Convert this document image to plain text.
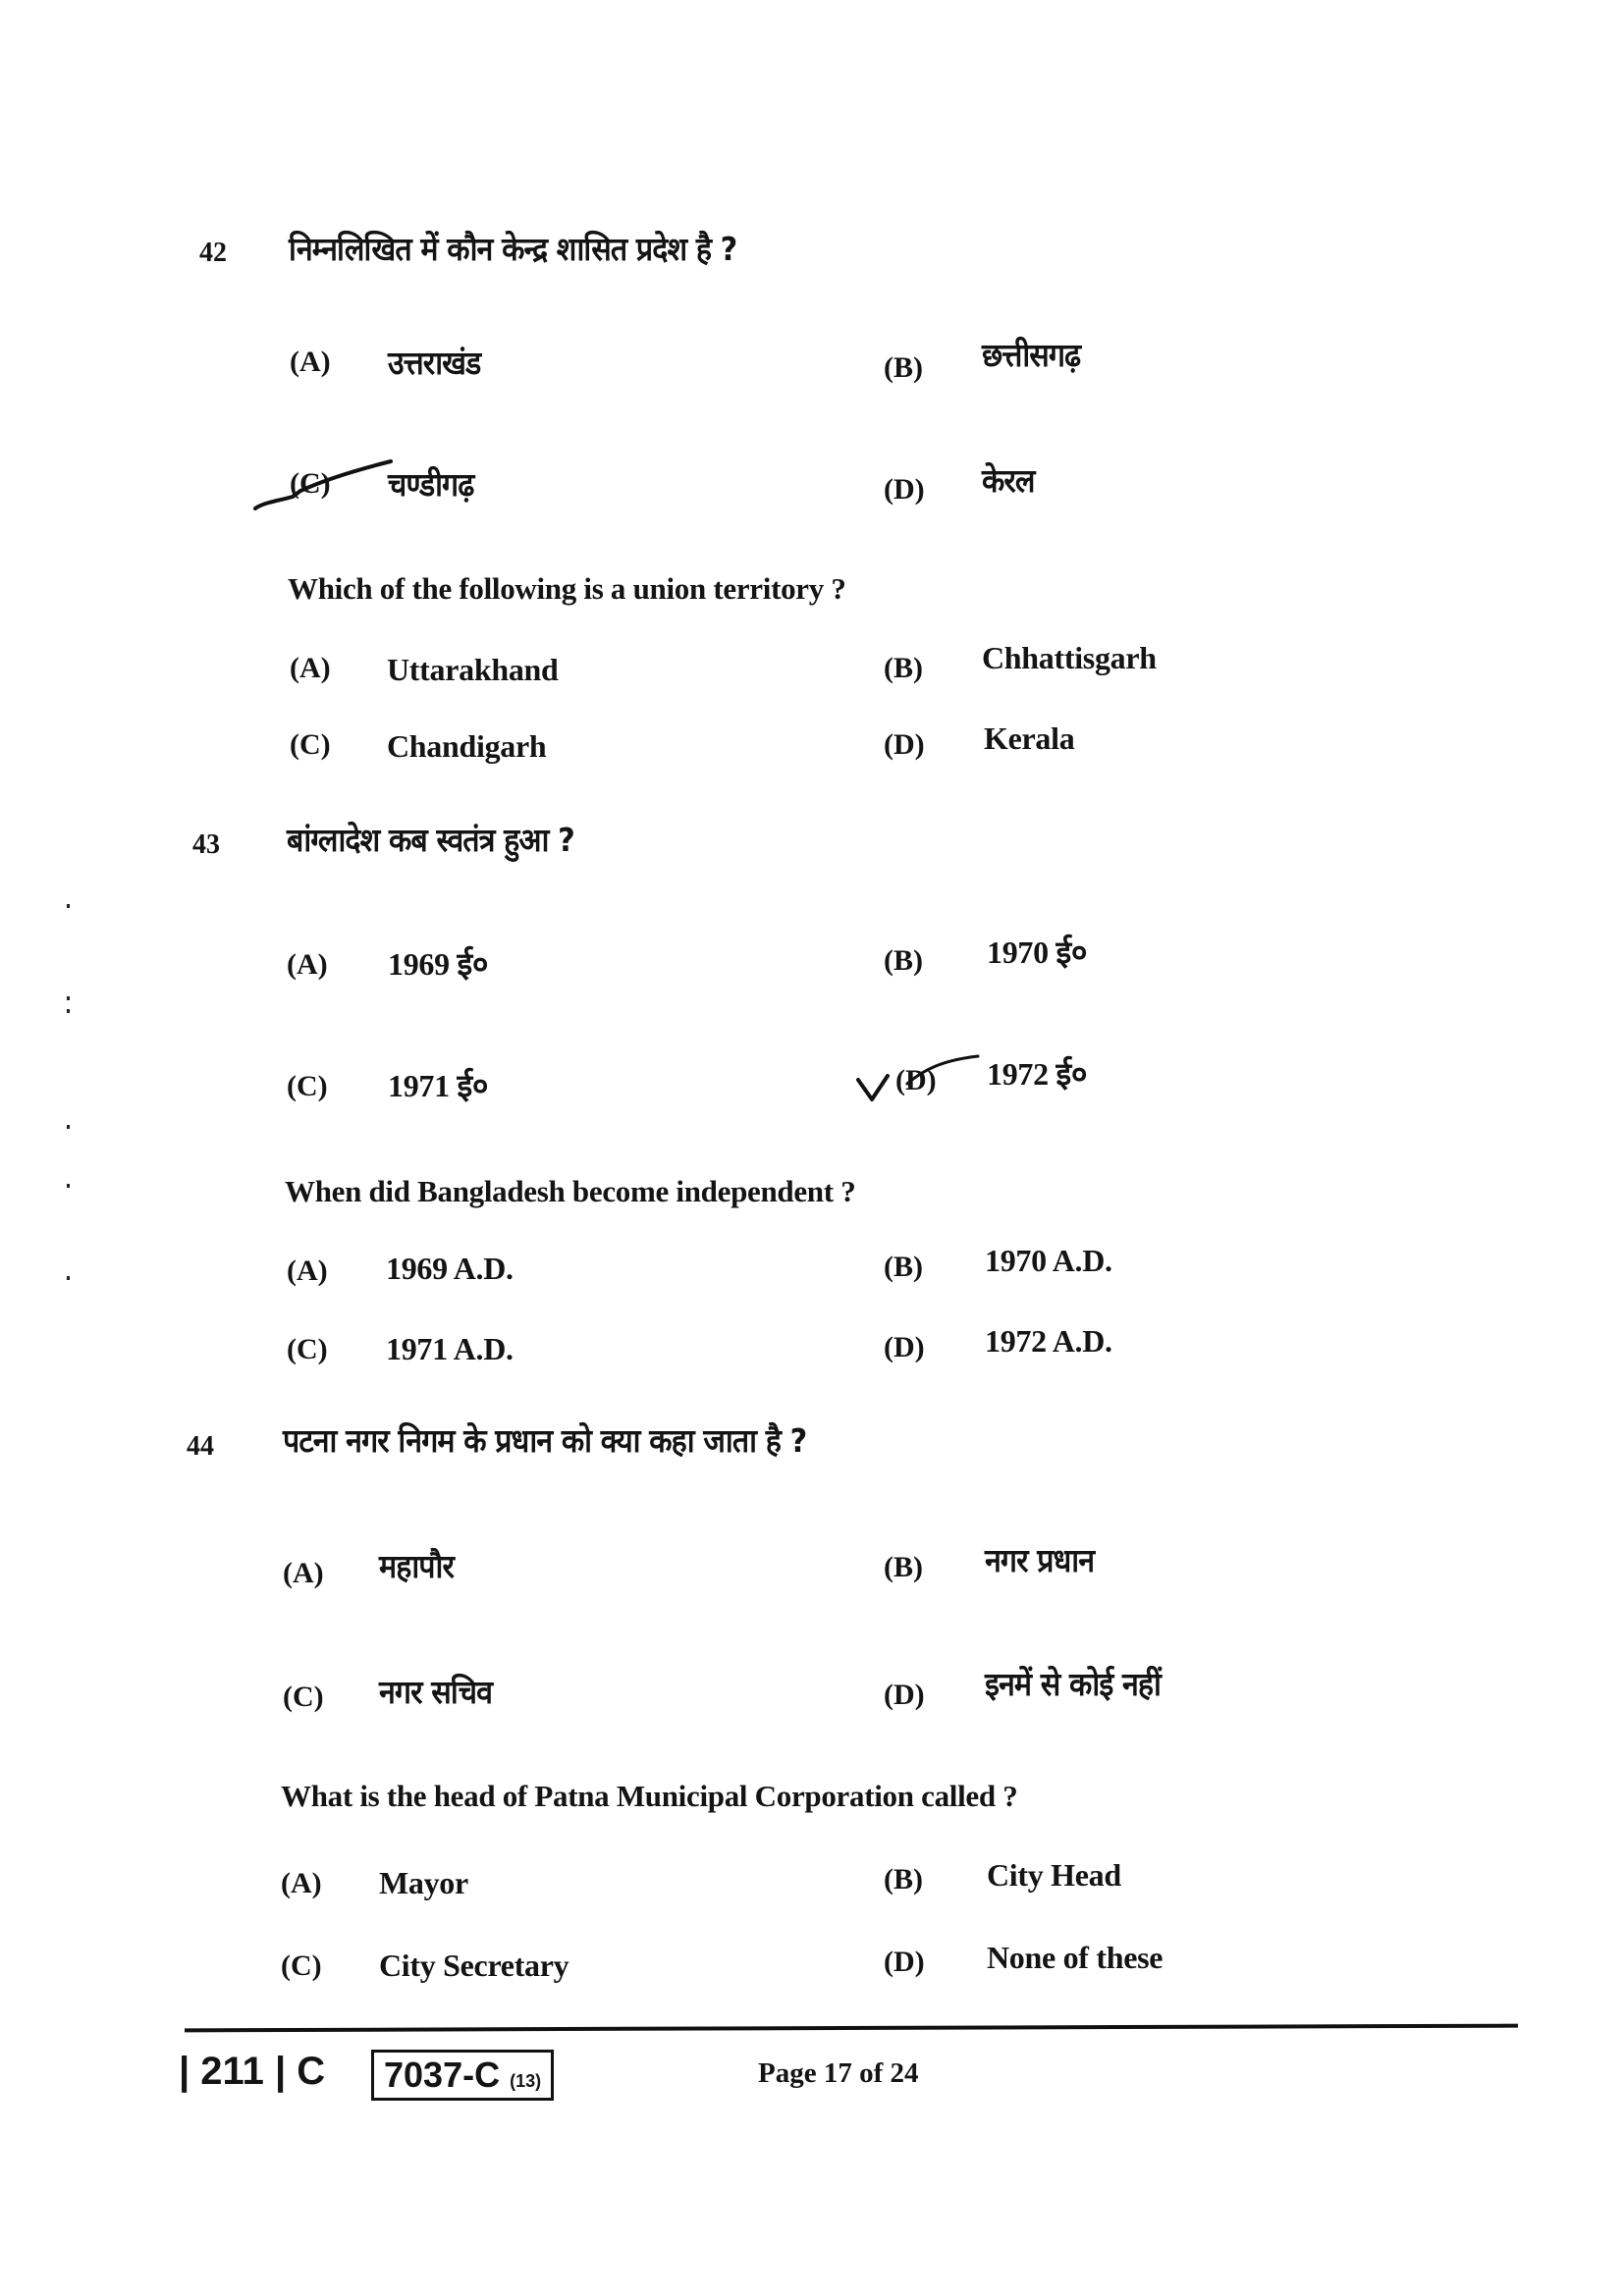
42 निम्नलिखित में कौन केन्द्र शासित प्रदेश है ?
(A) उत्तराखंड	(B) छत्तीसगढ़
(C) चण्डीगढ़	(D) केरल
Which of the following is a union territory ?
(A) Uttarakhand	(B) Chhattisgarh
(C) Chandigarh	(D) Kerala
43 बांग्लादेश कब स्वतंत्र हुआ ?
(A) 1969 ई०	(B) 1970 ई०
(C) 1971 ई०	(D) 1972 ई०
When did Bangladesh become independent ?
(A) 1969 A.D.	(B) 1970 A.D.
(C) 1971 A.D.	(D) 1972 A.D.
44 पटना नगर निगम के प्रधान को क्या कहा जाता है ?
(A) महापौर	(B) नगर प्रधान
(C) नगर सचिव	(D) इनमें से कोई नहीं
What is the head of Patna Municipal Corporation called ?
(A) Mayor	(B) City Head
(C) City Secretary	(D) None of these
| 211 | C	7037-C (13)	Page 17 of 24
